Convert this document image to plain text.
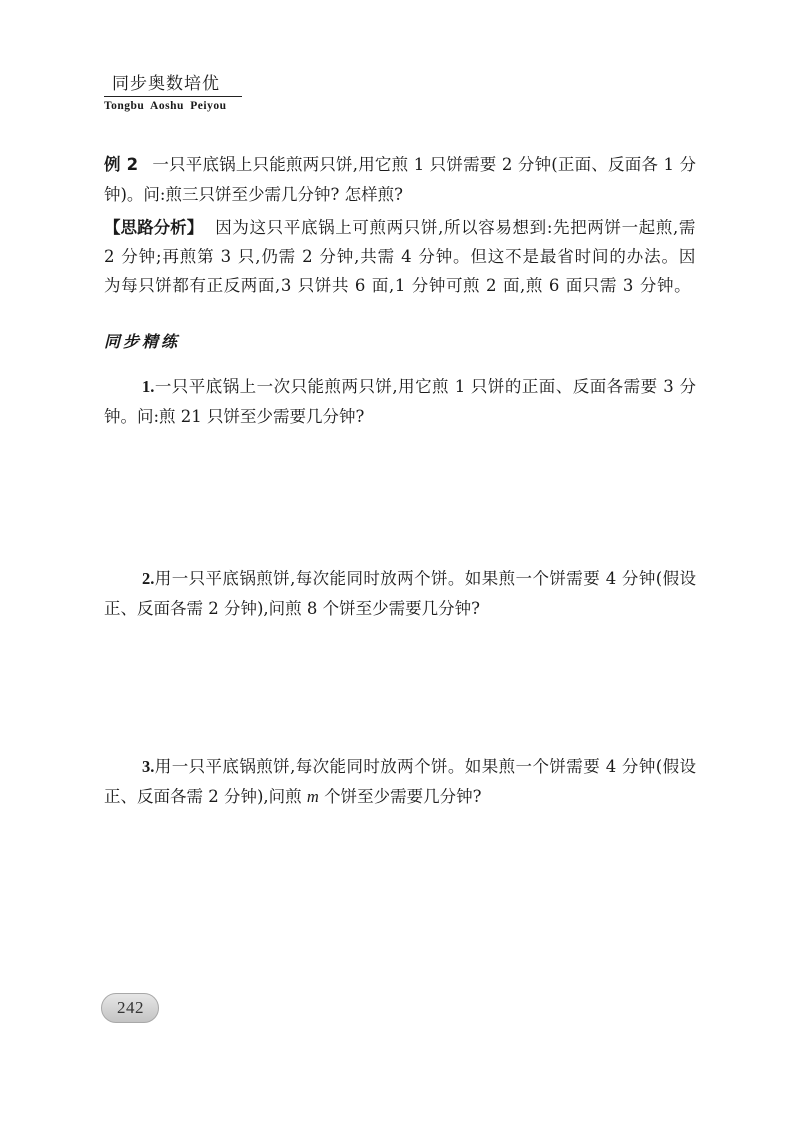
同步奥数培优
Tongbu Aoshu Peiyou

例 2 一只平底锅上只能煎两只饼,用它煎 1 只饼需要 2 分钟(正面、反面各 1 分钟)。问:煎三只饼至少需几分钟? 怎样煎?

【思路分析】 因为这只平底锅上可煎两只饼,所以容易想到:先把两饼一起煎,需 2 分钟;再煎第 3 只,仍需 2 分钟,共需 4 分钟。但这不是最省时间的办法。因为每只饼都有正反两面,3 只饼共 6 面,1 分钟可煎 2 面,煎 6 面只需 3 分钟。

同步精练

1.一只平底锅上一次只能煎两只饼,用它煎 1 只饼的正面、反面各需要 3 分钟。问:煎 21 只饼至少需要几分钟?

2.用一只平底锅煎饼,每次能同时放两个饼。如果煎一个饼需要 4 分钟(假设正、反面各需 2 分钟),问煎 8 个饼至少需要几分钟?

3.用一只平底锅煎饼,每次能同时放两个饼。如果煎一个饼需要 4 分钟(假设正、反面各需 2 分钟),问煎 m 个饼至少需要几分钟?

242
